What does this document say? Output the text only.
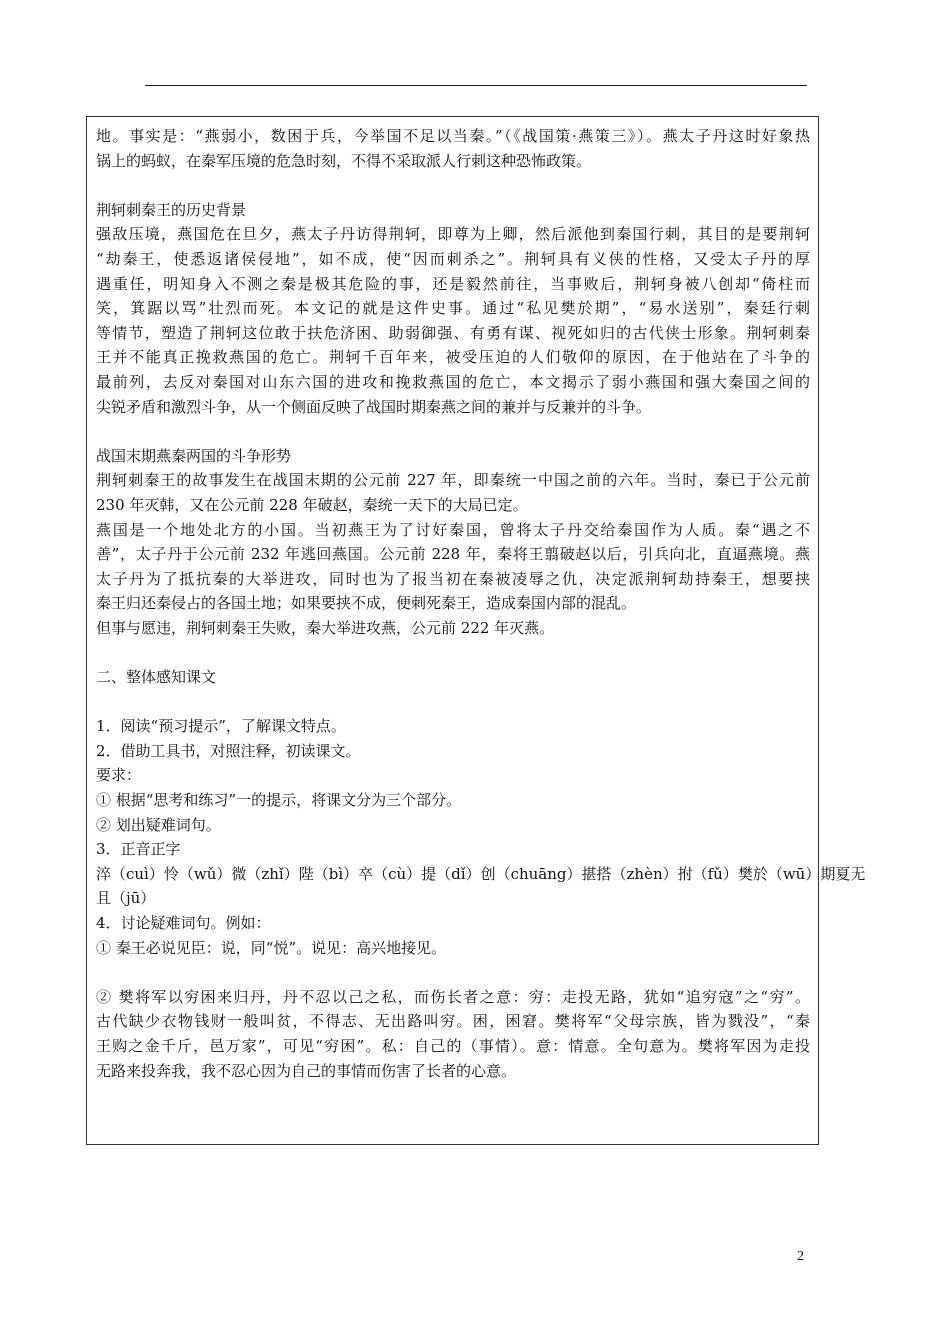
地。事实是：“燕弱小，数困于兵，今举国不足以当秦。”（《战国策·燕策三》）。燕太子丹这时好象热
锅上的蚂蚁，在秦军压境的危急时刻，不得不采取派人行刺这种恐怖政策。
荆轲刺秦王的历史背景
强敌压境，燕国危在旦夕，燕太子丹访得荆轲，即尊为上卿，然后派他到秦国行刺，其目的是要荆轲
“劫秦王，使悉返诸侯侵地”，如不成，使“因而刺杀之”。荆轲具有义侠的性格，又受太子丹的厚
遇重任，明知身入不测之秦是极其危险的事，还是毅然前往，当事败后，荆轲身被八创却“倚柱而
笑，箕踞以骂”壮烈而死。本文记的就是这件史事。通过“私见樊於期”，“易水送别”，秦廷行刺
等情节，塑造了荆轲这位敢于扶危济困、助弱御强、有勇有谋、视死如归的古代侠士形象。荆轲刺秦
王并不能真正挽救燕国的危亡。荆轲千百年来，被受压迫的人们敬仰的原因，在于他站在了斗争的
最前列，去反对秦国对山东六国的进攻和挽救燕国的危亡，本文揭示了弱小燕国和强大秦国之间的
尖锐矛盾和激烈斗争，从一个侧面反映了战国时期秦燕之间的兼并与反兼并的斗争。
战国末期燕秦两国的斗争形势
荆轲刺秦王的故事发生在战国末期的公元前 227 年，即秦统一中国之前的六年。当时，秦已于公元前
230 年灭韩，又在公元前 228 年破赵，秦统一天下的大局已定。
燕国是一个地处北方的小国。当初燕王为了讨好秦国，曾将太子丹交给秦国作为人质。秦“遇之不
善”，太子丹于公元前 232 年逃回燕国。公元前 228 年，秦将王翦破赵以后，引兵向北，直逼燕境。燕
太子丹为了抵抗秦的大举进攻，同时也为了报当初在秦被凌辱之仇，决定派荆轲劫持秦王，想要挟
秦王归还秦侵占的各国土地；如果要挟不成，便刺死秦王，造成秦国内部的混乱。
但事与愿违，荆轲刺秦王失败，秦大举进攻燕，公元前 222 年灭燕。
二、整体感知课文
1．阅读“预习提示”，了解课文特点。
2．借助工具书，对照注释，初读课文。
要求：
① 根据“思考和练习”一的提示，将课文分为三个部分。
② 划出疑难词句。
3．正音正字
淬（cuì）怜（wǔ）微（zhǐ）陛（bì）卒（cù）提（dǐ）创（chuāng）揕搭（zhèn）拊（fǔ）樊於（wū）期 夏无
且（jū）
4．讨论疑难词句。例如：
① 秦王必说见臣：说，同“悦”。说见：高兴地接见。
② 樊将军以穷困来归丹，丹不忍以己之私，而伤长者之意：穷：走投无路，犹如“追穷寇”之“穷”。
古代缺少衣物钱财一般叫贫，不得志、无出路叫穷。困，困窘。樊将军“父母宗族，皆为戮没”，“秦
王购之金千斤，邑万家”，可见“穷困”。私：自己的（事情）。意：情意。全句意为。樊将军因为走投
无路来投奔我，我不忍心因为自己的事情而伤害了长者的心意。
2
